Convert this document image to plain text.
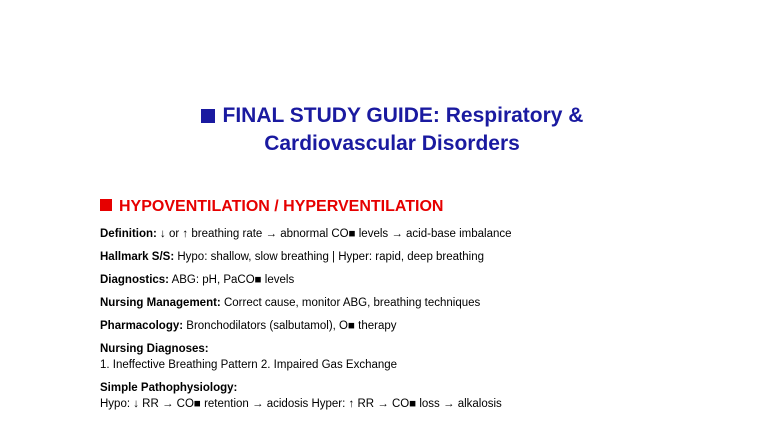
FINAL STUDY GUIDE: Respiratory &
Cardiovascular Disorders
HYPOVENTILATION / HYPERVENTILATION
Definition: ↓ or ↑ breathing rate → abnormal CO■ levels → acid-base imbalance
Hallmark S/S: Hypo: shallow, slow breathing | Hyper: rapid, deep breathing
Diagnostics: ABG: pH, PaCO■ levels
Nursing Management: Correct cause, monitor ABG, breathing techniques
Pharmacology: Bronchodilators (salbutamol), O■ therapy
Nursing Diagnoses:
1. Ineffective Breathing Pattern 2. Impaired Gas Exchange
Simple Pathophysiology:
Hypo: ↓ RR → CO■ retention → acidosis Hyper: ↑ RR → CO■ loss → alkalosis
